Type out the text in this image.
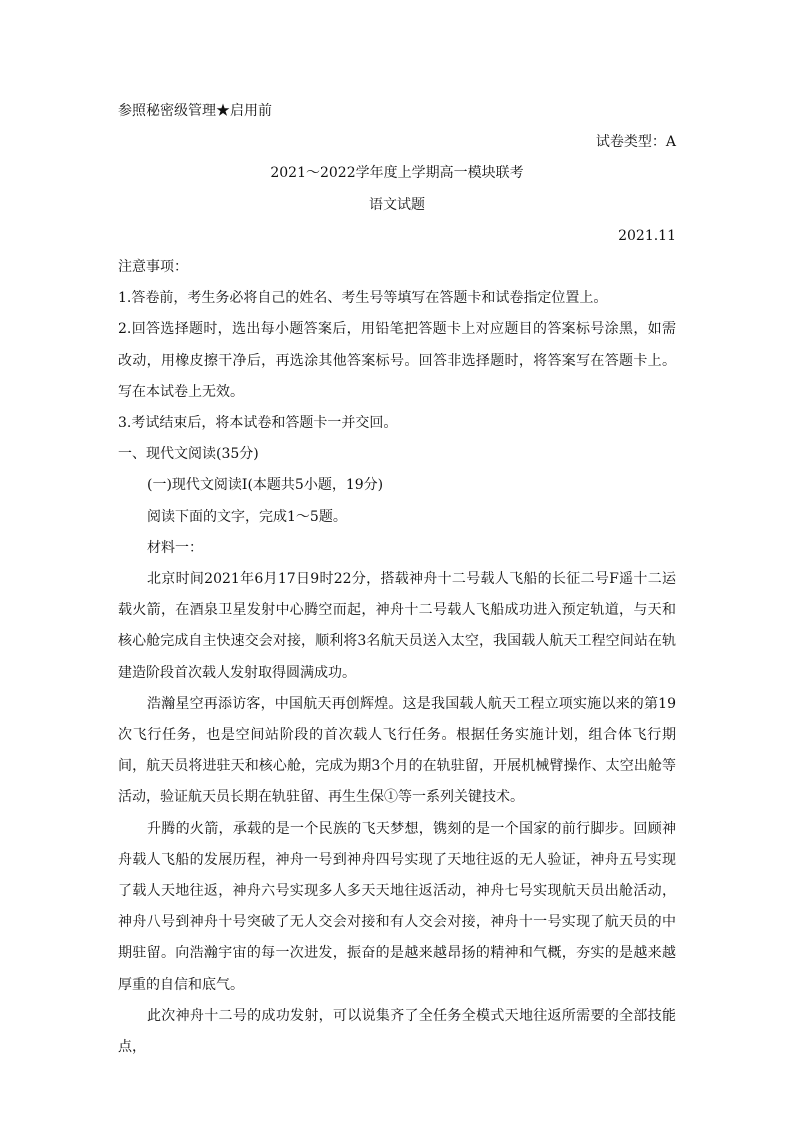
参照秘密级管理★启用前
试卷类型：A
2021～2022学年度上学期高一模块联考
语文试题
2021.11
注意事项：

1.答卷前，考生务必将自己的姓名、考生号等填写在答题卡和试卷指定位置上。

2.回答选择题时，选出每小题答案后，用铅笔把答题卡上对应题目的答案标号涂黑，如需改动，用橡皮擦干净后，再选涂其他答案标号。回答非选择题时，将答案写在答题卡上。写在本试卷上无效。

3.考试结束后，将本试卷和答题卡一并交回。

一、现代文阅读(35分)
(一)现代文阅读Ⅰ(本题共5小题，19分)
阅读下面的文字，完成1～5题。
材料一：

北京时间2021年6月17日9时22分，搭载神舟十二号载人飞船的长征二号F遥十二运载火箭，在酒泉卫星发射中心腾空而起，神舟十二号载人飞船成功进入预定轨道，与天和核心舱完成自主快速交会对接，顺利将3名航天员送入太空，我国载人航天工程空间站在轨建造阶段首次载人发射取得圆满成功。

浩瀚星空再添访客，中国航天再创辉煌。这是我国载人航天工程立项实施以来的第19次飞行任务，也是空间站阶段的首次载人飞行任务。根据任务实施计划，组合体飞行期间，航天员将进驻天和核心舱，完成为期3个月的在轨驻留，开展机械臂操作、太空出舱等活动，验证航天员长期在轨驻留、再生生保①等一系列关键技术。

升腾的火箭，承载的是一个民族的飞天梦想，镌刻的是一个国家的前行脚步。回顾神舟载人飞船的发展历程，神舟一号到神舟四号实现了天地往返的无人验证，神舟五号实现了载人天地往返，神舟六号实现多人多天天地往返活动，神舟七号实现航天员出舱活动，神舟八号到神舟十号突破了无人交会对接和有人交会对接，神舟十一号实现了航天员的中期驻留。向浩瀚宇宙的每一次进发，振奋的是越来越昂扬的精神和气概，夯实的是越来越厚重的自信和底气。

此次神舟十二号的成功发射，可以说集齐了全任务全模式天地往返所需要的全部技能点，
